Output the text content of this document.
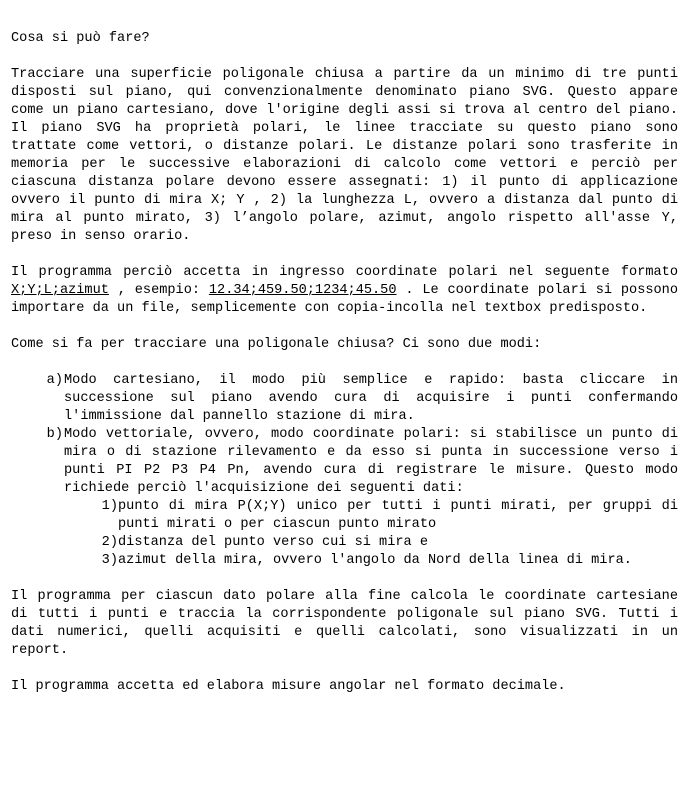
Cosa si può fare?

Tracciare una superficie poligonale chiusa a partire da un minimo di tre punti disposti sul piano, qui convenzionalmente denominato piano SVG. Questo appare come un piano cartesiano, dove l'origine degli assi si trova al centro del piano. Il piano SVG ha proprietà polari, le linee tracciate su questo piano sono trattate come vettori, o distanze polari. Le distanze polari sono trasferite in memoria per le successive elaborazioni di calcolo come vettori e perciò per ciascuna distanza polare devono essere assegnati: 1) il punto di applicazione ovvero il punto di mira X; Y , 2) la lunghezza L, ovvero a distanza dal punto di mira al punto mirato, 3) l’angolo polare, azimut, angolo rispetto all'asse Y, preso in senso orario.

Il programma perciò accetta in ingresso coordinate polari nel seguente formato X;Y;L;azimut , esempio: 12.34;459.50;1234;45.50 . Le coordinate polari si possono importare da un file, semplicemente con copia-incolla nel textbox predisposto.

Come si fa per tracciare una poligonale chiusa? Ci sono due modi:
a) Modo cartesiano, il modo più semplice e rapido: basta cliccare in successione sul piano avendo cura di acquisire i punti confermando l'immissione dal pannello stazione di mira.
b) Modo vettoriale, ovvero, modo coordinate polari: si stabilisce un punto di mira o di stazione rilevamento e da esso si punta in successione verso i punti PI P2 P3 P4 Pn, avendo cura di registrare le misure. Questo modo richiede perciò l'acquisizione dei seguenti dati:
1) punto di mira P(X;Y) unico per tutti i punti mirati, per gruppi di punti mirati o per ciascun punto mirato
2) distanza del punto verso cui si mira e
3) azimut della mira, ovvero l'angolo da Nord della linea di mira.

Il programma per ciascun dato polare alla fine calcola le coordinate cartesiane di tutti i punti e traccia la corrispondente poligonale sul piano SVG. Tutti i dati numerici, quelli acquisiti e quelli calcolati, sono visualizzati in un report.

Il programma accetta ed elabora misure angolar nel formato decimale.
